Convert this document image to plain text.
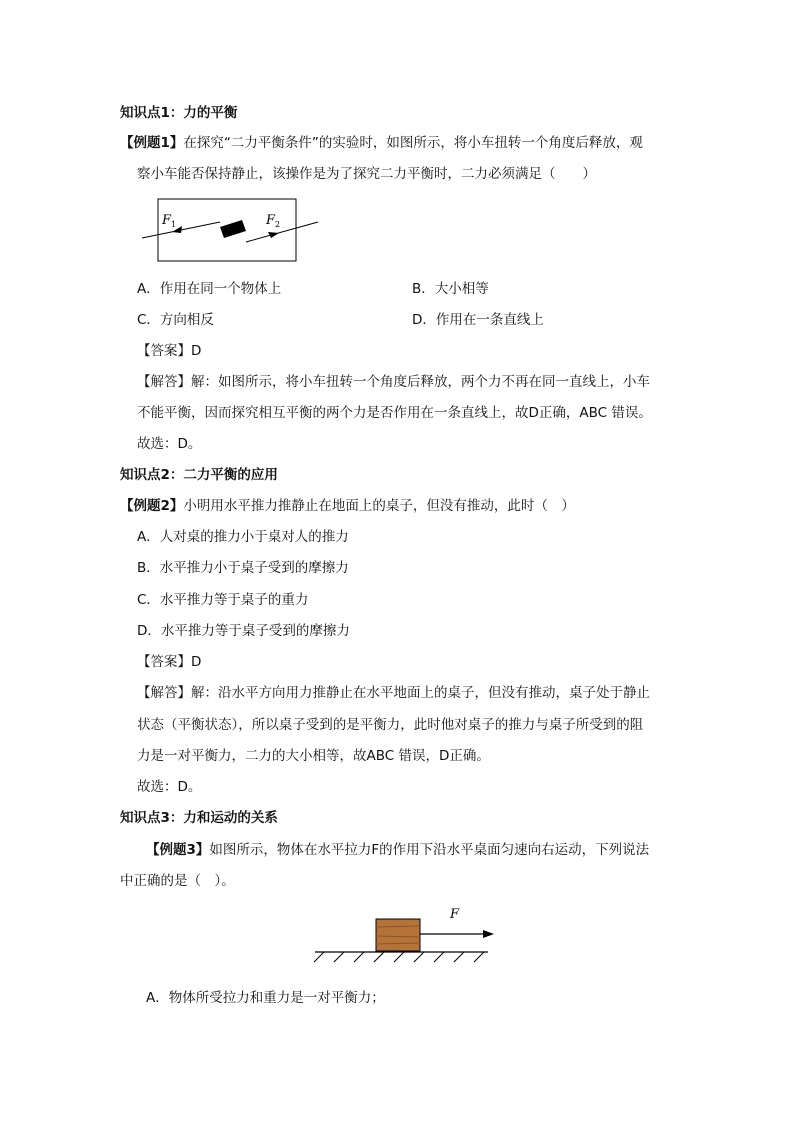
知识点1：力的平衡
【例题1】在探究“二力平衡条件”的实验时，如图所示，将小车扭转一个角度后释放，观
察小车能否保持静止，该操作是为了探究二力平衡时，二力必须满足（　　）
$F_1$	$F_2$
A．作用在同一个物体上	B．大小相等
C．方向相反	D．作用在一条直线上
【答案】D
【解答】解：如图所示，将小车扭转一个角度后释放，两个力不再在同一直线上，小车
不能平衡，因而探究相互平衡的两个力是否作用在一条直线上，故D正确，ABC 错误。
故选：D。
知识点2：二力平衡的应用
【例题2】小明用水平推力推静止在地面上的桌子，但没有推动，此时（　）
A．人对桌的推力小于桌对人的推力
B．水平推力小于桌子受到的摩擦力
C．水平推力等于桌子的重力
D．水平推力等于桌子受到的摩擦力
【答案】D
【解答】解：沿水平方向用力推静止在水平地面上的桌子，但没有推动，桌子处于静止
状态（平衡状态），所以桌子受到的是平衡力，此时他对桌子的推力与桌子所受到的阻
力是一对平衡力，二力的大小相等，故ABC 错误，D正确。
故选：D。
知识点3：力和运动的关系
【例题3】如图所示，物体在水平拉力F的作用下沿水平桌面匀速向右运动，下列说法
中正确的是（　）。
F
A．物体所受拉力和重力是一对平衡力；
